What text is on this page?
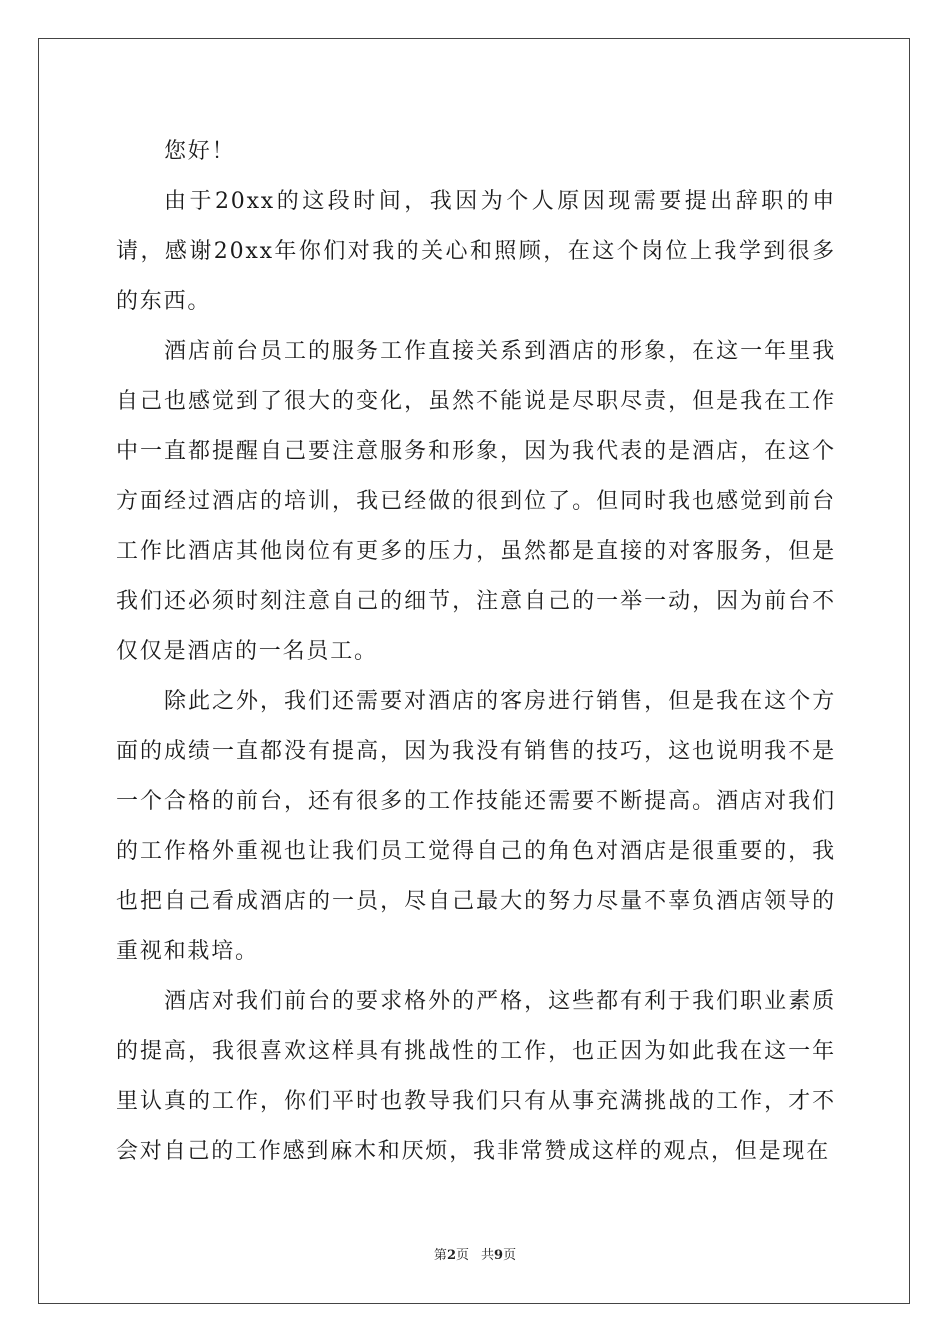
您好！

由于20xx的这段时间，我因为个人原因现需要提出辞职的申请，感谢20xx年你们对我的关心和照顾，在这个岗位上我学到很多的东西。

酒店前台员工的服务工作直接关系到酒店的形象，在这一年里我自己也感觉到了很大的变化，虽然不能说是尽职尽责，但是我在工作中一直都提醒自己要注意服务和形象，因为我代表的是酒店，在这个方面经过酒店的培训，我已经做的很到位了。但同时我也感觉到前台工作比酒店其他岗位有更多的压力，虽然都是直接的对客服务，但是我们还必须时刻注意自己的细节，注意自己的一举一动，因为前台不仅仅是酒店的一名员工。

除此之外，我们还需要对酒店的客房进行销售，但是我在这个方面的成绩一直都没有提高，因为我没有销售的技巧，这也说明我不是一个合格的前台，还有很多的工作技能还需要不断提高。酒店对我们的工作格外重视也让我们员工觉得自己的角色对酒店是很重要的，我也把自己看成酒店的一员，尽自己最大的努力尽量不辜负酒店领导的重视和栽培。

酒店对我们前台的要求格外的严格，这些都有利于我们职业素质的提高，我很喜欢这样具有挑战性的工作，也正因为如此我在这一年里认真的工作，你们平时也教导我们只有从事充满挑战的工作，才不会对自己的工作感到麻木和厌烦，我非常赞成这样的观点，但是现在

第2页 共9页
